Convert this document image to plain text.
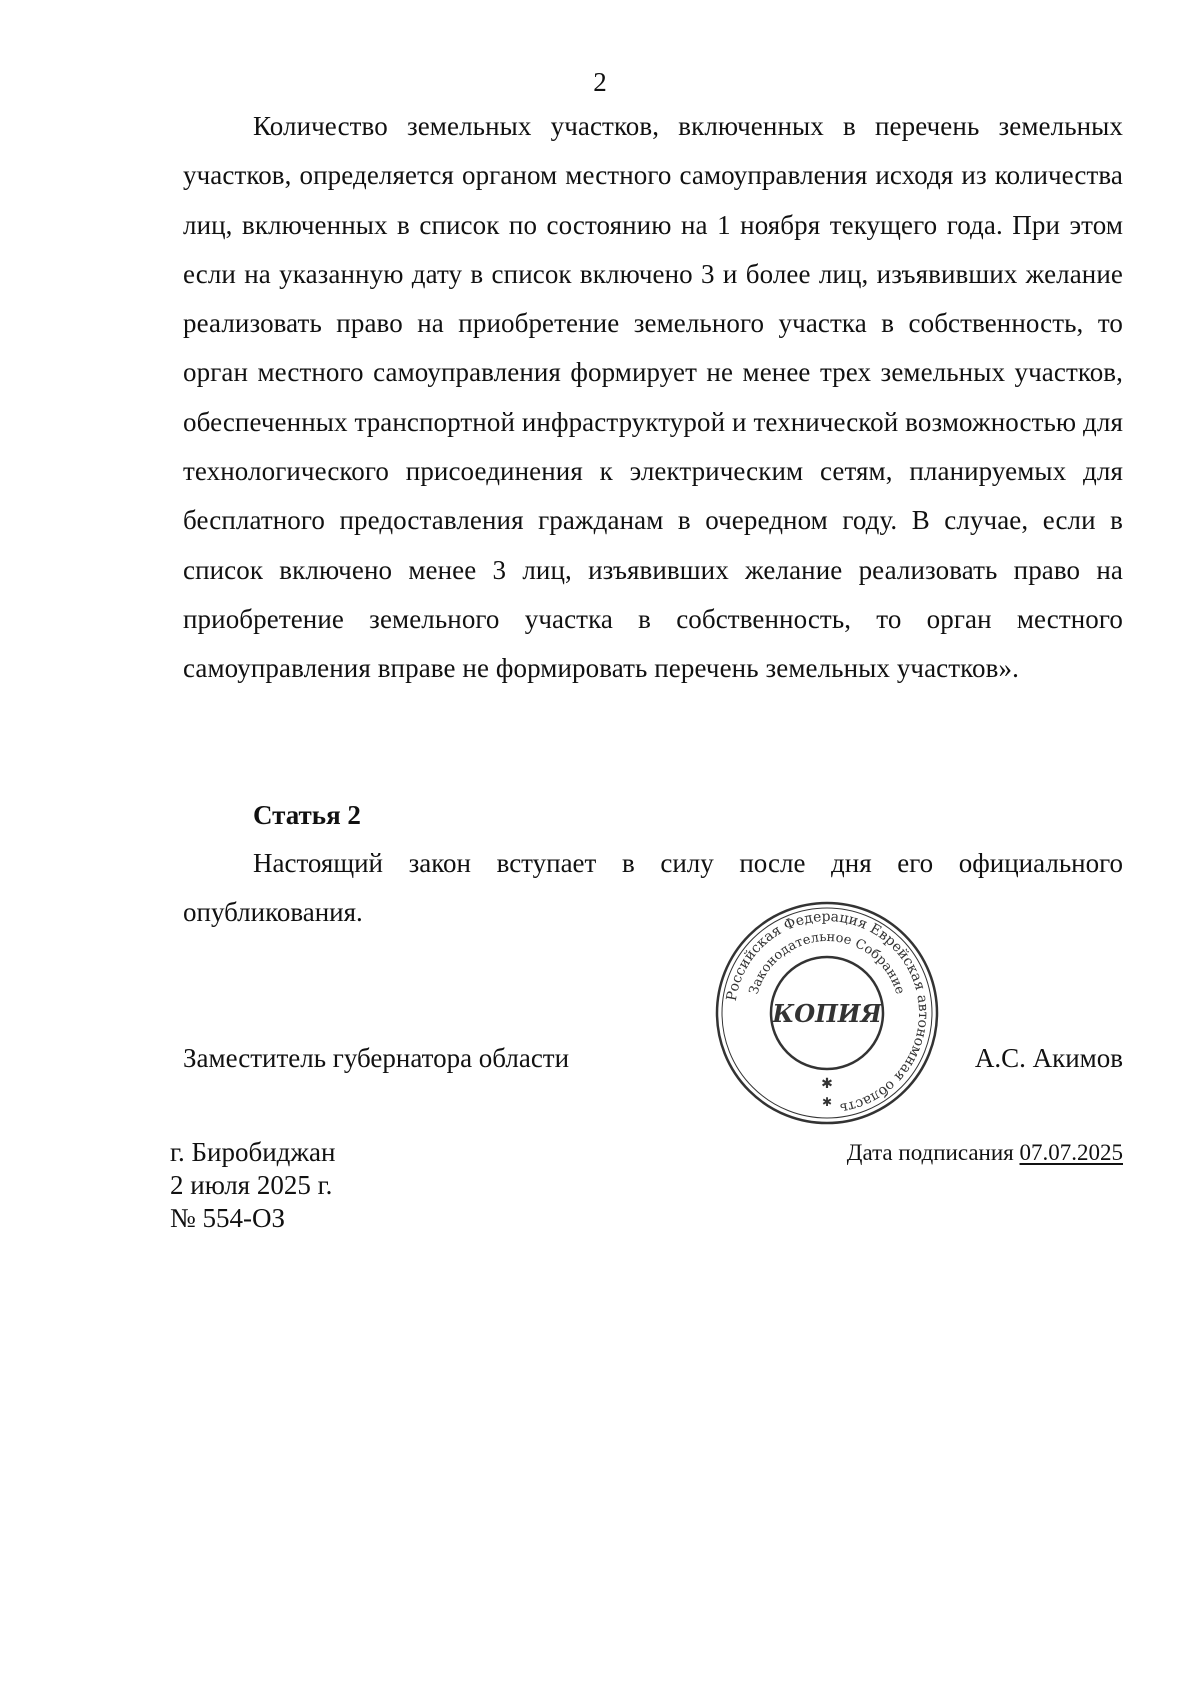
2

Количество земельных участков, включенных в перечень земельных участков, определяется органом местного самоуправления исходя из количества лиц, включенных в список по состоянию на 1 ноября текущего года. При этом если на указанную дату в список включено 3 и более лиц, изъявивших желание реализовать право на приобретение земельного участка в собственность, то орган местного самоуправления формирует не менее трех земельных участков, обеспеченных транспортной инфраструктурой и технической возможностью для технологического присоединения к электрическим сетям, планируемых для бесплатного предоставления гражданам в очередном году. В случае, если в список включено менее 3 лиц, изъявивших желание реализовать право на приобретение земельного участка в собственность, то орган местного самоуправления вправе не формировать перечень земельных участков».

Статья 2

Настоящий закон вступает в силу после дня его официального опубликования.

Заместитель губернатора области
Российская Федерация Еврейская автономная область
Законодательное Собрание
КОПИЯ
✱
✱
А.С. Акимов
г. Биробиджан
2 июля 2025 г.
№ 554-ОЗ
Дата подписания 07.07.2025
